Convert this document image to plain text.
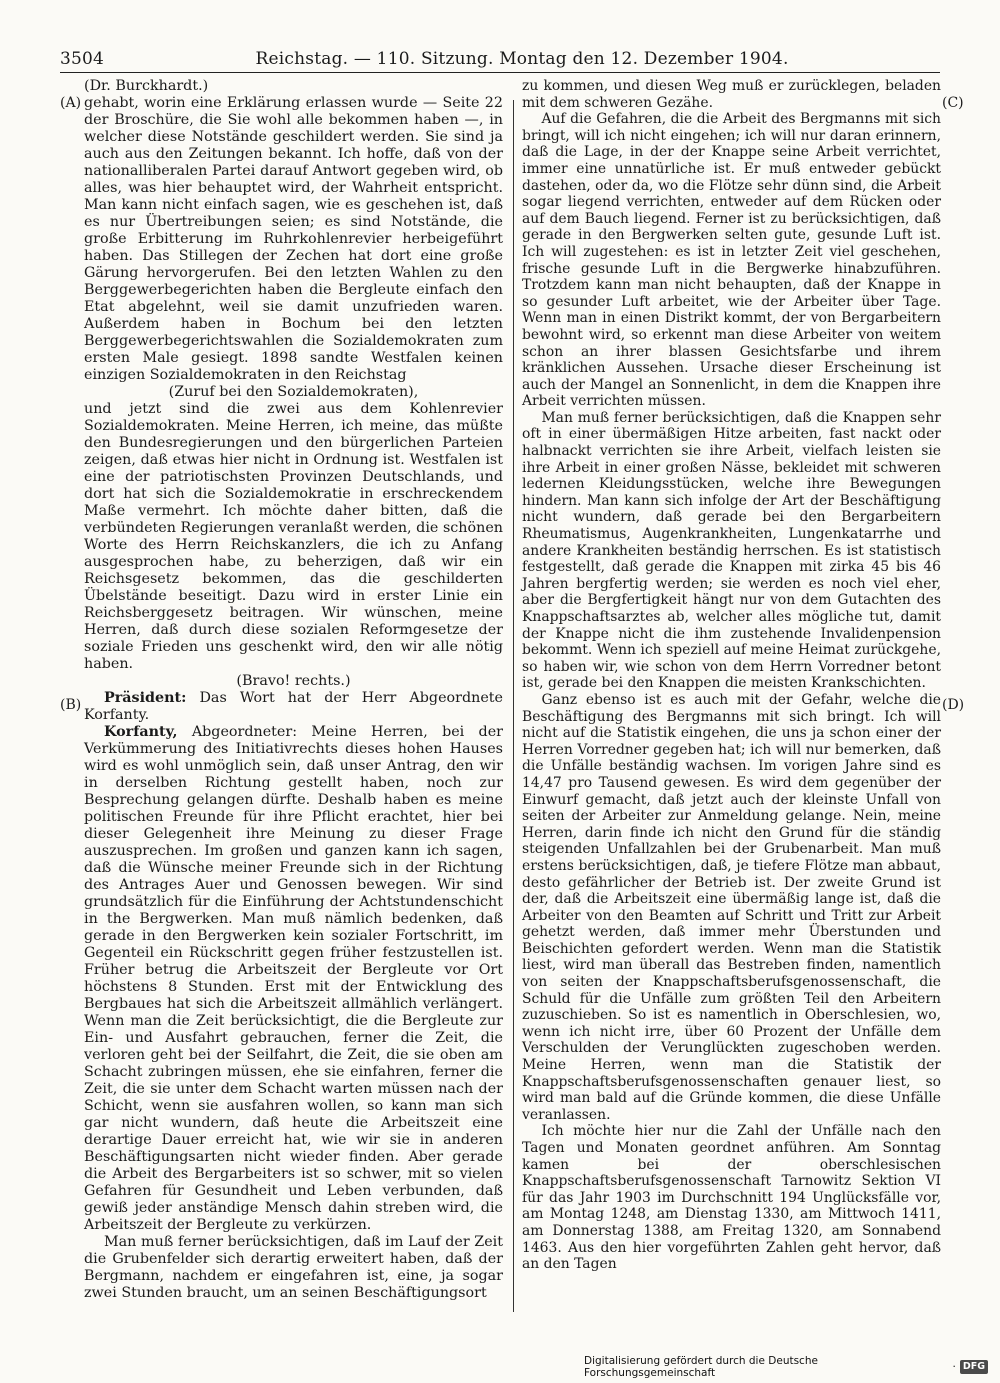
3504	Reichstag. — 110. Sitzung. Montag den 12. Dezember 1904.
(A)
(B)
(C)
(D)

(Dr. Burckhardt.)

gehabt, worin eine Erklärung erlassen wurde — Seite 22 der Broschüre, die Sie wohl alle bekommen haben —, in welcher diese Notstände geschildert werden. Sie sind ja auch aus den Zeitungen bekannt. Ich hoffe, daß von der nationalliberalen Partei darauf Antwort gegeben wird, ob alles, was hier behauptet wird, der Wahrheit entspricht. Man kann nicht einfach sagen, wie es geschehen ist, daß es nur Übertreibungen seien; es sind Notstände, die große Erbitterung im Ruhrkohlenrevier herbeigeführt haben. Das Stillegen der Zechen hat dort eine große Gärung hervorgerufen. Bei den letzten Wahlen zu den Berggewerbegerichten haben die Bergleute einfach den Etat abgelehnt, weil sie damit unzufrieden waren. Außerdem haben in Bochum bei den letzten Berggewerbegerichtswahlen die Sozialdemokraten zum ersten Male gesiegt. 1898 sandte Westfalen keinen einzigen Sozialdemokraten in den Reichstag

(Zuruf bei den Sozialdemokraten),

und jetzt sind die zwei aus dem Kohlenrevier Sozialdemokraten. Meine Herren, ich meine, das müßte den Bundesregierungen und den bürgerlichen Parteien zeigen, daß etwas hier nicht in Ordnung ist. Westfalen ist eine der patriotischsten Provinzen Deutschlands, und dort hat sich die Sozialdemokratie in erschreckendem Maße vermehrt. Ich möchte daher bitten, daß die verbündeten Regierungen veranlaßt werden, die schönen Worte des Herrn Reichskanzlers, die ich zu Anfang ausgesprochen habe, zu beherzigen, daß wir ein Reichsgesetz bekommen, das die geschilderten Übelstände beseitigt. Dazu wird in erster Linie ein Reichsberggesetz beitragen. Wir wünschen, meine Herren, daß durch diese sozialen Reformgesetze der soziale Frieden uns geschenkt wird, den wir alle nötig haben.

(Bravo! rechts.)

Präsident: Das Wort hat der Herr Abgeordnete Korfanty.

Korfanty, Abgeordneter: Meine Herren, bei der Verkümmerung des Initiativrechts dieses hohen Hauses wird es wohl unmöglich sein, daß unser Antrag, den wir in derselben Richtung gestellt haben, noch zur Besprechung gelangen dürfte. Deshalb haben es meine politischen Freunde für ihre Pflicht erachtet, hier bei dieser Gelegenheit ihre Meinung zu dieser Frage auszusprechen. Im großen und ganzen kann ich sagen, daß die Wünsche meiner Freunde sich in der Richtung des Antrages Auer und Genossen bewegen. Wir sind grundsätzlich für die Einführung der Achtstundenschicht in the Bergwerken. Man muß nämlich bedenken, daß gerade in den Bergwerken kein sozialer Fortschritt, im Gegenteil ein Rückschritt gegen früher festzustellen ist. Früher betrug die Arbeitszeit der Bergleute vor Ort höchstens 8 Stunden. Erst mit der Entwicklung des Bergbaues hat sich die Arbeitszeit allmählich verlängert. Wenn man die Zeit berücksichtigt, die die Bergleute zur Ein- und Ausfahrt gebrauchen, ferner die Zeit, die verloren geht bei der Seilfahrt, die Zeit, die sie oben am Schacht zubringen müssen, ehe sie einfahren, ferner die Zeit, die sie unter dem Schacht warten müssen nach der Schicht, wenn sie ausfahren wollen, so kann man sich gar nicht wundern, daß heute die Arbeitszeit eine derartige Dauer erreicht hat, wie wir sie in anderen Beschäftigungsarten nicht wieder finden. Aber gerade die Arbeit des Bergarbeiters ist so schwer, mit so vielen Gefahren für Gesundheit und Leben verbunden, daß gewiß jeder anständige Mensch dahin streben wird, die Arbeitszeit der Bergleute zu verkürzen.

Man muß ferner berücksichtigen, daß im Lauf der Zeit die Grubenfelder sich derartig erweitert haben, daß der Bergmann, nachdem er eingefahren ist, eine, ja sogar zwei Stunden braucht, um an seinen Beschäftigungsort

zu kommen, und diesen Weg muß er zurücklegen, beladen mit dem schweren Gezähe.

Auf die Gefahren, die die Arbeit des Bergmanns mit sich bringt, will ich nicht eingehen; ich will nur daran erinnern, daß die Lage, in der der Knappe seine Arbeit verrichtet, immer eine unnatürliche ist. Er muß entweder gebückt dastehen, oder da, wo die Flötze sehr dünn sind, die Arbeit sogar liegend verrichten, entweder auf dem Rücken oder auf dem Bauch liegend. Ferner ist zu berücksichtigen, daß gerade in den Bergwerken selten gute, gesunde Luft ist. Ich will zugestehen: es ist in letzter Zeit viel geschehen, frische gesunde Luft in die Bergwerke hinabzuführen. Trotzdem kann man nicht behaupten, daß der Knappe in so gesunder Luft arbeitet, wie der Arbeiter über Tage. Wenn man in einen Distrikt kommt, der von Bergarbeitern bewohnt wird, so erkennt man diese Arbeiter von weitem schon an ihrer blassen Gesichtsfarbe und ihrem kränklichen Aussehen. Ursache dieser Erscheinung ist auch der Mangel an Sonnenlicht, in dem die Knappen ihre Arbeit verrichten müssen.

Man muß ferner berücksichtigen, daß die Knappen sehr oft in einer übermäßigen Hitze arbeiten, fast nackt oder halbnackt verrichten sie ihre Arbeit, vielfach leisten sie ihre Arbeit in einer großen Nässe, bekleidet mit schweren ledernen Kleidungsstücken, welche ihre Bewegungen hindern. Man kann sich infolge der Art der Beschäftigung nicht wundern, daß gerade bei den Bergarbeitern Rheumatismus, Augenkrankheiten, Lungenkatarrhe und andere Krankheiten beständig herrschen. Es ist statistisch festgestellt, daß gerade die Knappen mit zirka 45 bis 46 Jahren bergfertig werden; sie werden es noch viel eher, aber die Bergfertigkeit hängt nur von dem Gutachten des Knappschaftsarztes ab, welcher alles mögliche tut, damit der Knappe nicht die ihm zustehende Invalidenpension bekommt. Wenn ich speziell auf meine Heimat zurückgehe, so haben wir, wie schon von dem Herrn Vorredner betont ist, gerade bei den Knappen die meisten Krankschichten.

Ganz ebenso ist es auch mit der Gefahr, welche die Beschäftigung des Bergmanns mit sich bringt. Ich will nicht auf die Statistik eingehen, die uns ja schon einer der Herren Vorredner gegeben hat; ich will nur bemerken, daß die Unfälle beständig wachsen. Im vorigen Jahre sind es 14,47 pro Tausend gewesen. Es wird dem gegenüber der Einwurf gemacht, daß jetzt auch der kleinste Unfall von seiten der Arbeiter zur Anmeldung gelange. Nein, meine Herren, darin finde ich nicht den Grund für die ständig steigenden Unfallzahlen bei der Grubenarbeit. Man muß erstens berücksichtigen, daß, je tiefere Flötze man abbaut, desto gefährlicher der Betrieb ist. Der zweite Grund ist der, daß die Arbeitszeit eine übermäßig lange ist, daß die Arbeiter von den Beamten auf Schritt und Tritt zur Arbeit gehetzt werden, daß immer mehr Überstunden und Beischichten gefordert werden. Wenn man die Statistik liest, wird man überall das Bestreben finden, namentlich von seiten der Knappschaftsberufsgenossenschaft, die Schuld für die Unfälle zum größten Teil den Arbeitern zuzuschieben. So ist es namentlich in Oberschlesien, wo, wenn ich nicht irre, über 60 Prozent der Unfälle dem Verschulden der Verunglückten zugeschoben werden. Meine Herren, wenn man die Statistik der Knappschaftsberufsgenossenschaften genauer liest, so wird man bald auf die Gründe kommen, die diese Unfälle veranlassen.

Ich möchte hier nur die Zahl der Unfälle nach den Tagen und Monaten geordnet anführen. Am Sonntag kamen bei der oberschlesischen Knappschaftsberufsgenossenschaft Tarnowitz Sektion VI für das Jahr 1903 im Durchschnitt 194 Unglücksfälle vor, am Montag 1248, am Dienstag 1330, am Mittwoch 1411, am Donnerstag 1388, am Freitag 1320, am Sonnabend 1463. Aus den hier vorgeführten Zahlen geht hervor, daß an den Tagen

Digitalisierung gefördert durch die Deutsche Forschungsgemeinschaft	· DFG
